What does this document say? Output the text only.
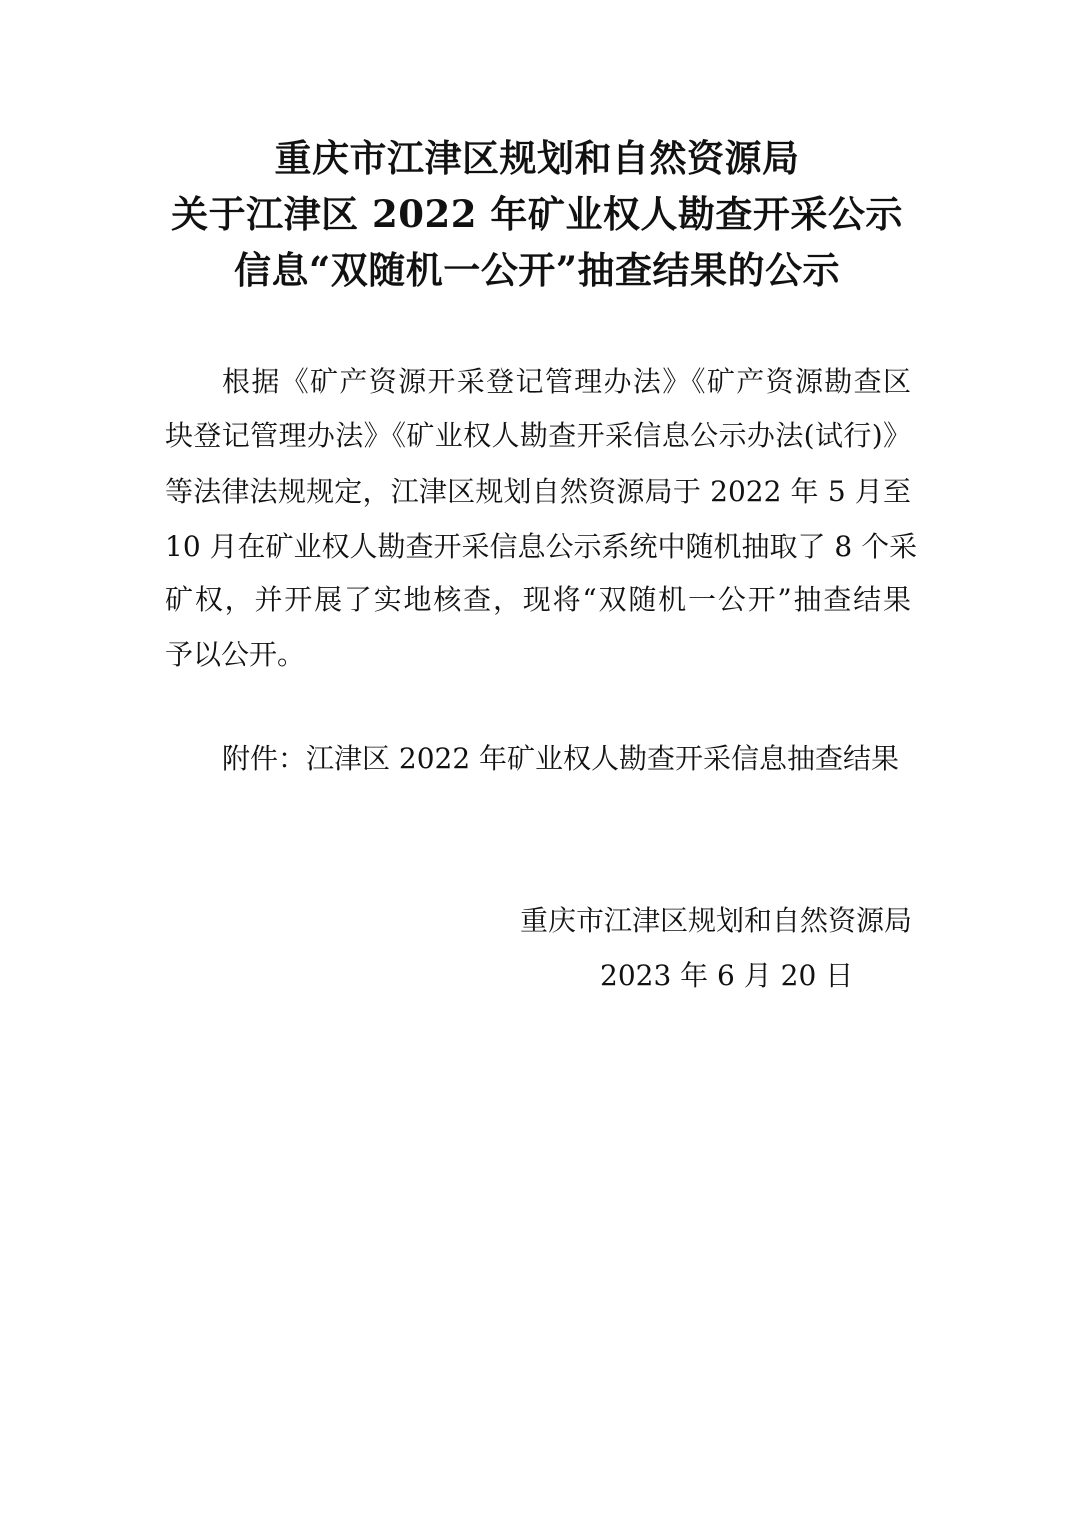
重庆市江津区规划和自然资源局
关于江津区 2022 年矿业权人勘查开采公示
信息“双随机一公开”抽查结果的公示
根据《矿产资源开采登记管理办法》《矿产资源勘查区
块登记管理办法》《矿业权人勘查开采信息公示办法(试行)》
等法律法规规定，江津区规划自然资源局于 2022 年 5 月至
10 月在矿业权人勘查开采信息公示系统中随机抽取了 8 个采
矿权，并开展了实地核查，现将“双随机一公开”抽查结果
予以公开。
附件：江津区 2022 年矿业权人勘查开采信息抽查结果
重庆市江津区规划和自然资源局
2023 年 6 月 20 日
